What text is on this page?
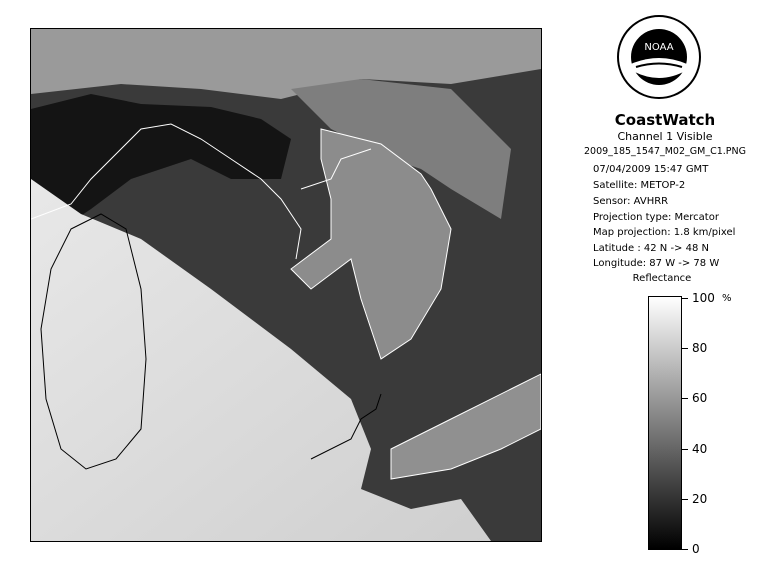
NOAA
CoastWatch
Channel 1 Visible
2009_185_1547_M02_GM_C1.PNG
07/04/2009 15:47 GMT
Satellite: METOP-2
Sensor: AVHRR
Projection type: Mercator
Map projection: 1.8 km/pixel
Latitude : 42 N -> 48 N
Longitude: 87 W -> 78 W
Reflectance
%
100
80
60
40
20
0
